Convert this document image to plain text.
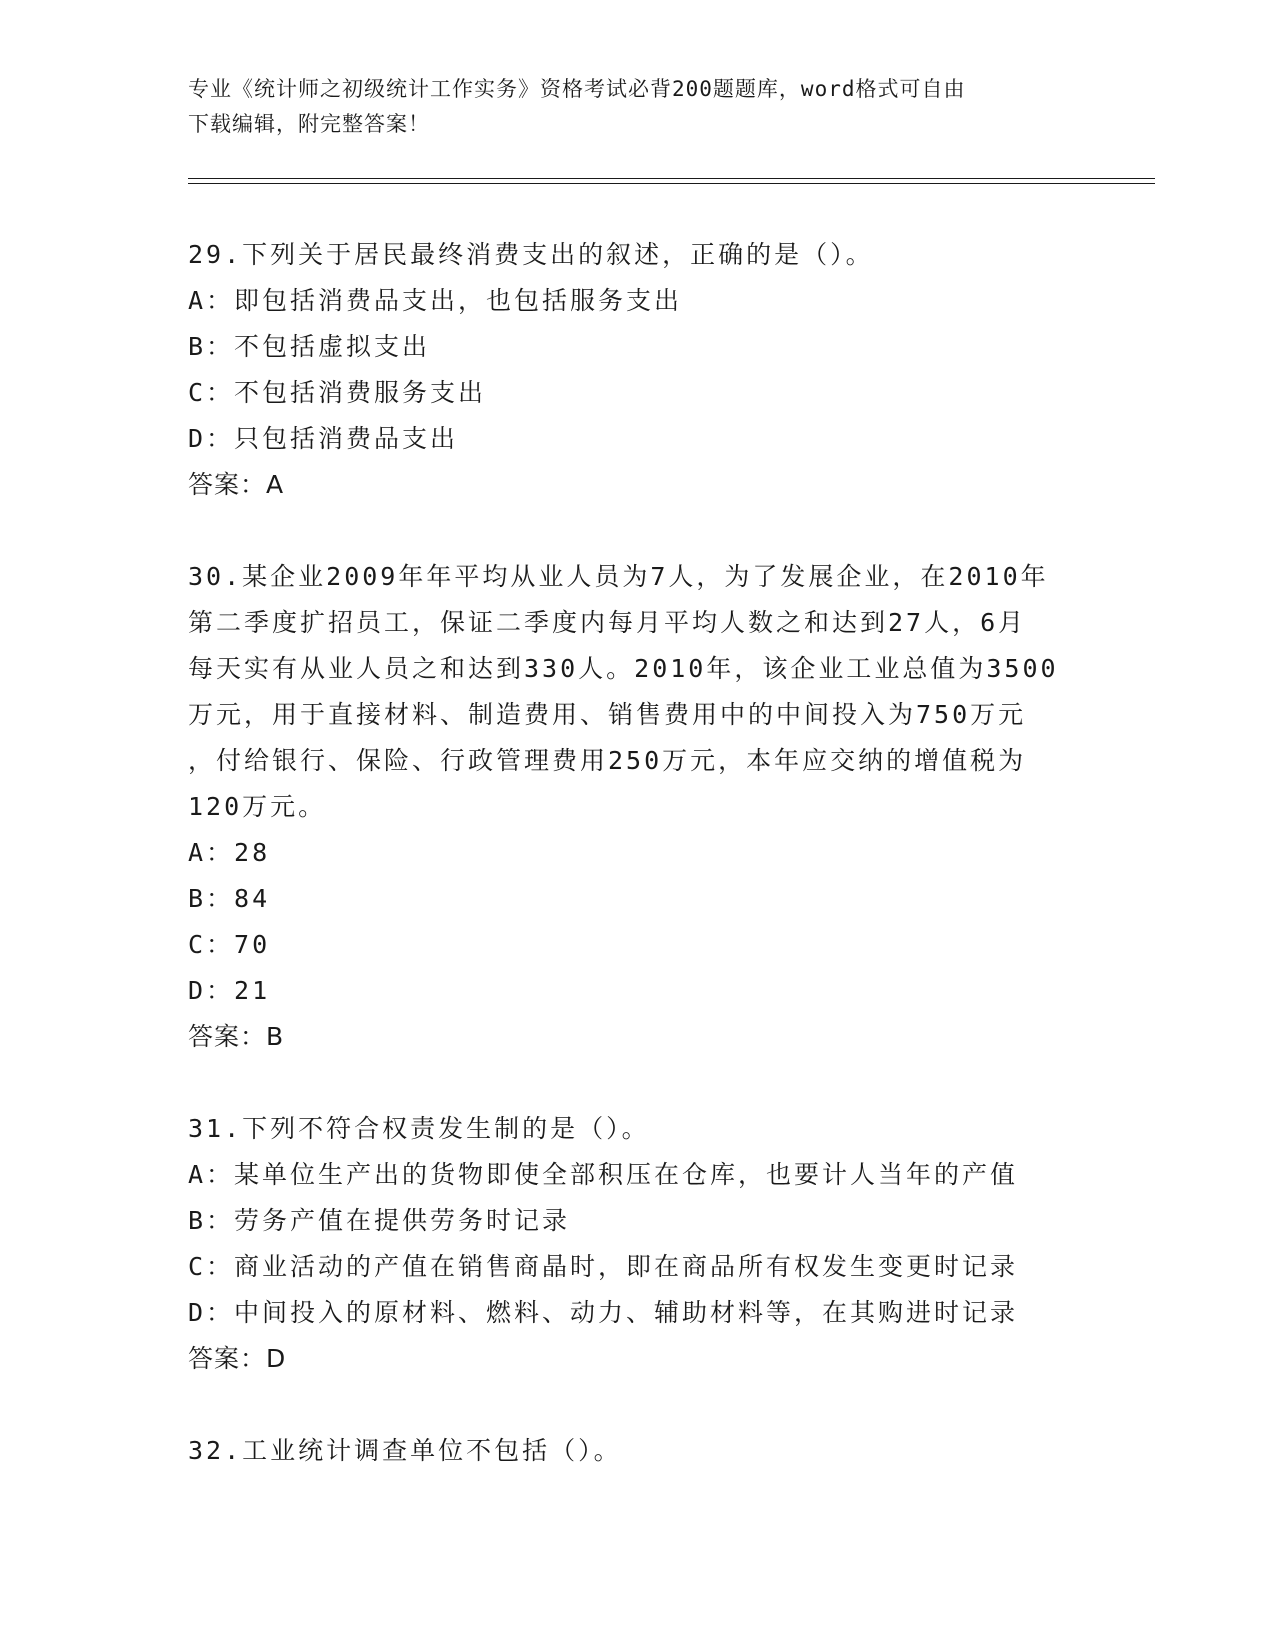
专业《统计师之初级统计工作实务》资格考试必背200题题库，word格式可自由
下载编辑，附完整答案！
29.下列关于居民最终消费支出的叙述，正确的是（）。
A：即包括消费品支出，也包括服务支出
B：不包括虚拟支出
C：不包括消费服务支出
D：只包括消费品支出
答案：A
30.某企业2009年年平均从业人员为7人，为了发展企业，在2010年
第二季度扩招员工，保证二季度内每月平均人数之和达到27人，6月
每天实有从业人员之和达到330人。2010年，该企业工业总值为3500
万元，用于直接材料、制造费用、销售费用中的中间投入为750万元
，付给银行、保险、行政管理费用250万元，本年应交纳的增值税为
120万元。
A：28
B：84
C：70
D：21
答案：B
31.下列不符合权责发生制的是（）。
A：某单位生产出的货物即使全部积压在仓库，也要计人当年的产值
B：劳务产值在提供劳务时记录
C：商业活动的产值在销售商晶时，即在商品所有权发生变更时记录
D：中间投入的原材料、燃料、动力、辅助材料等，在其购进时记录
答案：D
32.工业统计调查单位不包括（）。
